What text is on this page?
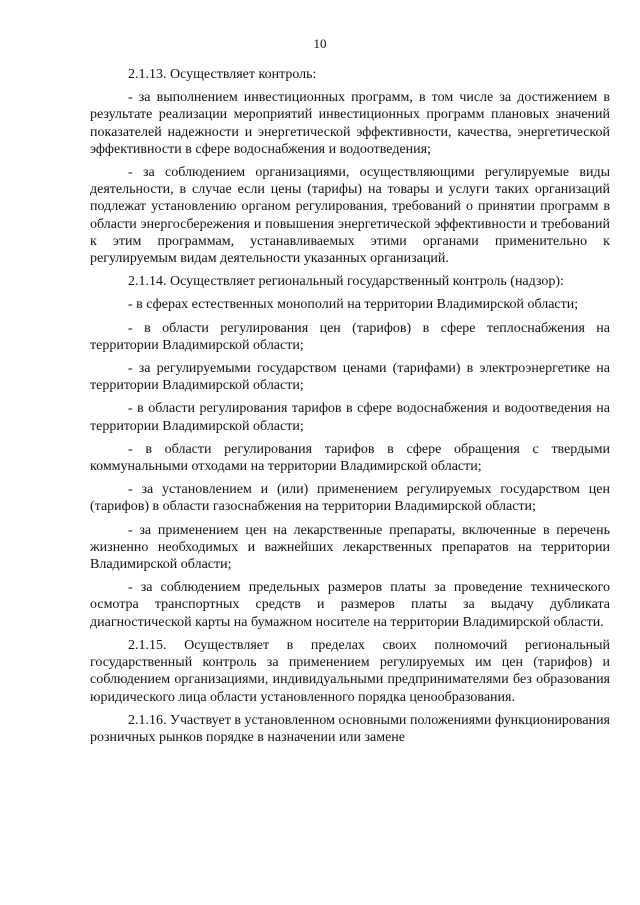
10

2.1.13. Осуществляет контроль:

- за выполнением инвестиционных программ, в том числе за достижением в результате реализации мероприятий инвестиционных программ плановых значений показателей надежности и энергетической эффективности, качества, энергетической эффективности в сфере водоснабжения и водоотведения;

- за соблюдением организациями, осуществляющими регулируемые виды деятельности, в случае если цены (тарифы) на товары и услуги таких организаций подлежат установлению органом регулирования, требований о принятии программ в области энергосбережения и повышения энергетической эффективности и требований к этим программам, устанавливаемых этими органами применительно к регулируемым видам деятельности указанных организаций.

2.1.14. Осуществляет региональный государственный контроль (надзор):

- в сферах естественных монополий на территории Владимирской области;

- в области регулирования цен (тарифов) в сфере теплоснабжения на территории Владимирской области;

- за регулируемыми государством ценами (тарифами) в электроэнергетике на территории Владимирской области;

- в области регулирования тарифов в сфере водоснабжения и водоотведения на территории Владимирской области;

- в области регулирования тарифов в сфере обращения с твердыми коммунальными отходами на территории Владимирской области;

- за установлением и (или) применением регулируемых государством цен (тарифов) в области газоснабжения на территории Владимирской области;

- за применением цен на лекарственные препараты, включенные в перечень жизненно необходимых и важнейших лекарственных препаратов на территории Владимирской области;

- за соблюдением предельных размеров платы за проведение технического осмотра транспортных средств и размеров платы за выдачу дубликата диагностической карты на бумажном носителе на территории Владимирской области.

2.1.15. Осуществляет в пределах своих полномочий региональный государственный контроль за применением регулируемых им цен (тарифов) и соблюдением организациями, индивидуальными предпринимателями без образования юридического лица области установленного порядка ценообразования.

2.1.16. Участвует в установленном основными положениями функционирования розничных рынков порядке в назначении или замене
